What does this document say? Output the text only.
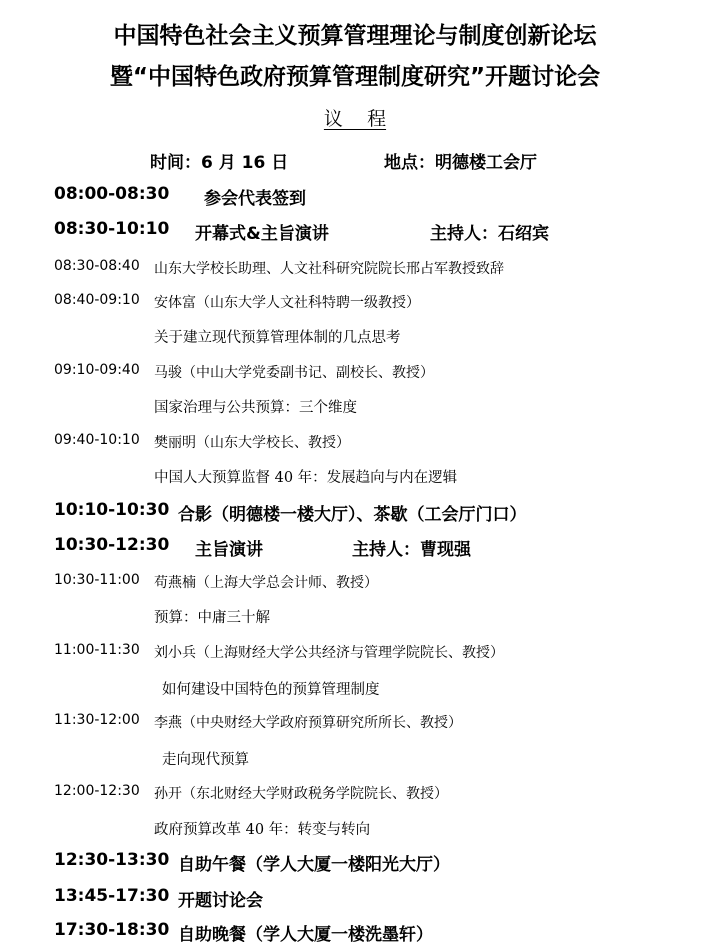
中国特色社会主义预算管理理论与制度创新论坛
暨“中国特色政府预算管理制度研究”开题讨论会
议    程
时间：6 月 16 日	地点：明德楼工会厅
08:00-08:30 参会代表签到
08:30-10:10 开幕式&主旨演讲	主持人：石绍宾
08:30-08:40 山东大学校长助理、人文社科研究院院长邢占军教授致辞
08:40-09:10 安体富（山东大学人文社科特聘一级教授）
关于建立现代预算管理体制的几点思考
09:10-09:40 马骏（中山大学党委副书记、副校长、教授）
国家治理与公共预算：三个维度
09:40-10:10 樊丽明（山东大学校长、教授）
中国人大预算监督 40 年：发展趋向与内在逻辑
10:10-10:30 合影（明德楼一楼大厅）、茶歇（工会厅门口）
10:30-12:30 主旨演讲	主持人：曹现强
10:30-11:00 苟燕楠（上海大学总会计师、教授）
预算：中庸三十解
11:00-11:30 刘小兵（上海财经大学公共经济与管理学院院长、教授）
如何建设中国特色的预算管理制度
11:30-12:00 李燕（中央财经大学政府预算研究所所长、教授）
走向现代预算
12:00-12:30 孙开（东北财经大学财政税务学院院长、教授）
政府预算改革 40 年：转变与转向
12:30-13:30 自助午餐（学人大厦一楼阳光大厅）
13:45-17:30 开题讨论会
17:30-18:30 自助晚餐（学人大厦一楼洗墨轩）
